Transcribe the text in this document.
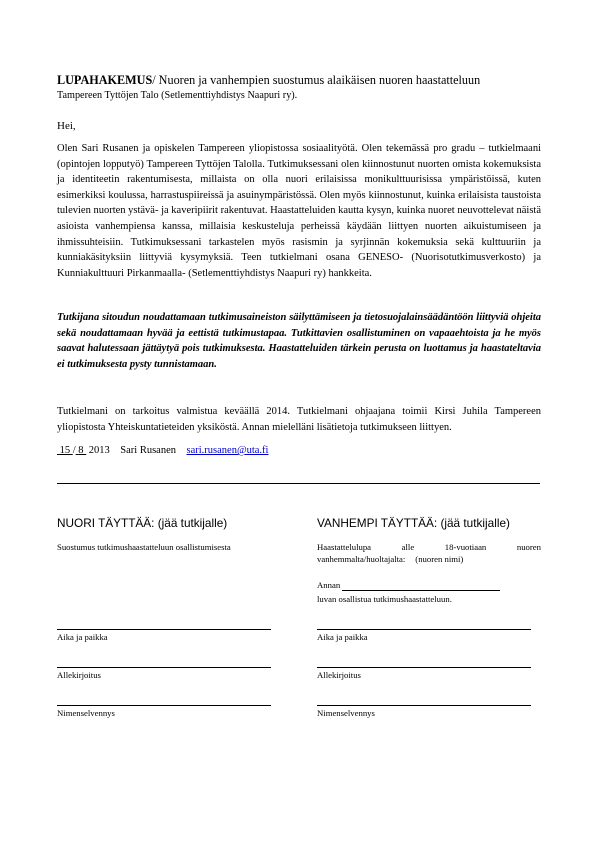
LUPAHAKEMUS/ Nuoren ja vanhempien suostumus alaikäisen nuoren haastatteluun
Tampereen Tyttöjen Talo (Setlementtiyhdistys Naapuri ry).
Hei,
Olen Sari Rusanen ja opiskelen Tampereen yliopistossa sosiaalityötä. Olen tekemässä pro gradu – tutkielmaani (opintojen lopputyö) Tampereen Tyttöjen Talolla. Tutkimuksessani olen kiinnostunut nuorten omista kokemuksista ja identiteetin rakentumisesta, millaista on olla nuori erilaisissa monikulttuurisissa ympäristöissä, kuten esimerkiksi koulussa, harrastuspiireissä ja asuinympäristössä. Olen myös kiinnostunut, kuinka erilaisista taustoista tulevien nuorten ystävä- ja kaveripiirit rakentuvat. Haastatteluiden kautta kysyn, kuinka nuoret neuvottelevat näistä asioista vanhempiensa kanssa, millaisia keskusteluja perheissä käydään liittyen nuorten aikuistumiseen ja ihmissuhteisiin. Tutkimuksessani tarkastelen myös rasismin ja syrjinnän kokemuksia sekä kulttuuriin ja kunniakäsityksiin liittyviä kysymyksiä. Teen tutkielmani osana GENESO- (Nuorisotutkimusverkosto) ja Kunniakulttuuri Pirkanmaalla- (Setlementtiyhdistys Naapuri ry) hankkeita.
Tutkijana sitoudun noudattamaan tutkimusaineiston säilyttämiseen ja tietosuojalainsäädäntöön liittyviä ohjeita sekä noudattamaan hyvää ja eettistä tutkimustapaa. Tutkittavien osallistuminen on vapaaehtoista ja he myös saavat halutessaan jättäytyä pois tutkimuksesta. Haastatteluiden tärkein perusta on luottamus ja haastateltavia ei tutkimuksesta pysty tunnistamaan.
Tutkielmani on tarkoitus valmistua keväällä 2014. Tutkielmani ohjaajana toimii Kirsi Juhila Tampereen yliopistosta Yhteiskuntatieteiden yksiköstä. Annan mielelläni lisätietoja tutkimukseen liittyen.
15 / 8 2013 Sari Rusanen sari.rusanen@uta.fi
NUORI TÄYTTÄÄ: (jää tutkijalle)
Suostumus tutkimushaastatteluun osallistumisesta
Aika ja paikka
Allekirjoitus
Nimenselvennys
VANHEMPI TÄYTTÄÄ: (jää tutkijalle)
Haastattelulupa alle 18-vuotiaan nuoren vanhemmalta/huoltajalta: (nuoren nimi)
Annan
luvan osallistua tutkimushaastatteluun.
Aika ja paikka
Allekirjoitus
Nimenselvennys
